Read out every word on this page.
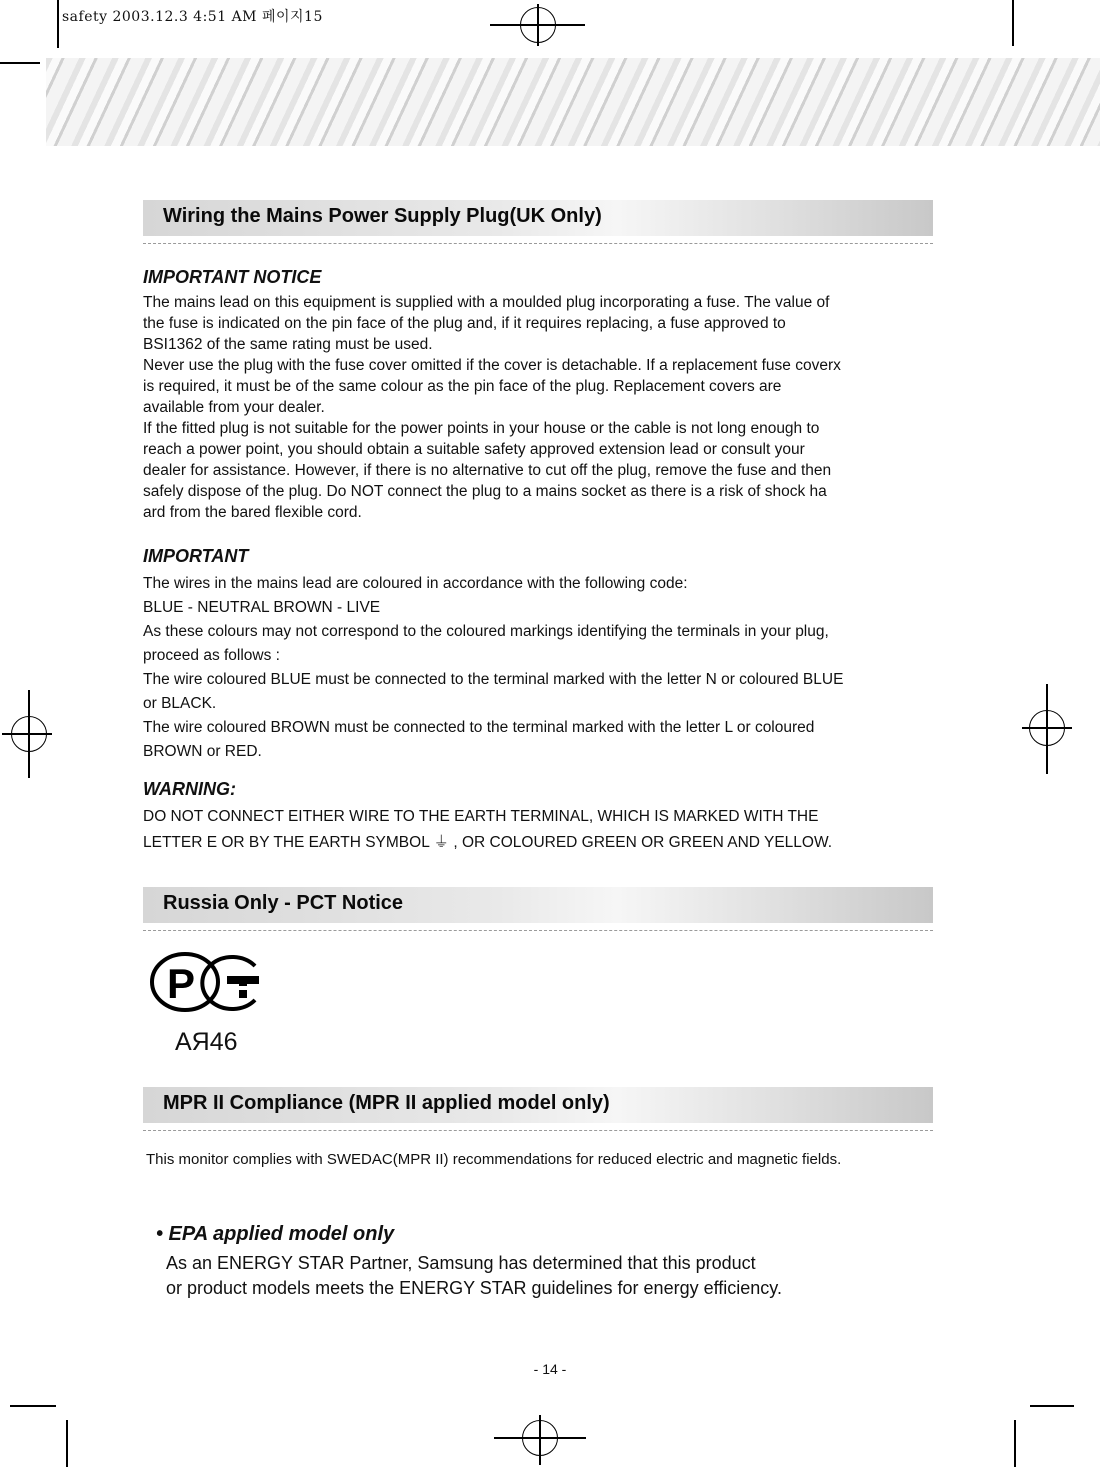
safety 2003.12.3 4:51 AM 페이지15
Wiring the Mains Power Supply Plug(UK Only)
IMPORTANT NOTICE

The mains lead on this equipment is supplied with a moulded plug incorporating a fuse. The value of

the fuse is indicated on the pin face of the plug and, if it requires replacing, a fuse approved to

BSI1362 of the same rating must be used.

Never use the plug with the fuse cover omitted if the cover is detachable. If a replacement fuse coverx

is required, it must be of the same colour as the pin face of the plug. Replacement covers are

available from your dealer.

If the fitted plug is not suitable for the power points in your house or the cable is not long enough to

reach a power point, you should obtain a suitable safety approved extension lead or consult your

dealer for assistance. However, if there is no alternative to cut off the plug, remove the fuse and then

safely dispose of the plug. Do NOT connect the plug to a mains socket as there is a risk of shock ha

ard from the bared flexible cord.

IMPORTANT

The wires in the mains lead are coloured in accordance with the following code:

BLUE - NEUTRAL BROWN - LIVE

As these colours may not correspond to the coloured markings identifying the terminals in your plug,

proceed as follows :

The wire coloured BLUE must be connected to the terminal marked with the letter N or coloured BLUE

or BLACK.

The wire coloured BROWN must be connected to the terminal marked with the letter L or coloured

BROWN or RED.

WARNING:

DO NOT CONNECT EITHER WIRE TO THE EARTH TERMINAL, WHICH IS MARKED WITH THE

LETTER E OR BY THE EARTH SYMBOL ⏚ , OR COLOURED GREEN OR GREEN AND YELLOW.

Russia Only - PCT Notice
P
АЯ46
MPR II Compliance (MPR II applied model only)
This monitor complies with SWEDAC(MPR II) recommendations for reduced electric and magnetic fields.
• EPA applied model only

As an ENERGY STAR Partner, Samsung has determined that this product

or product models meets the ENERGY STAR guidelines for energy efficiency.

- 14 -
